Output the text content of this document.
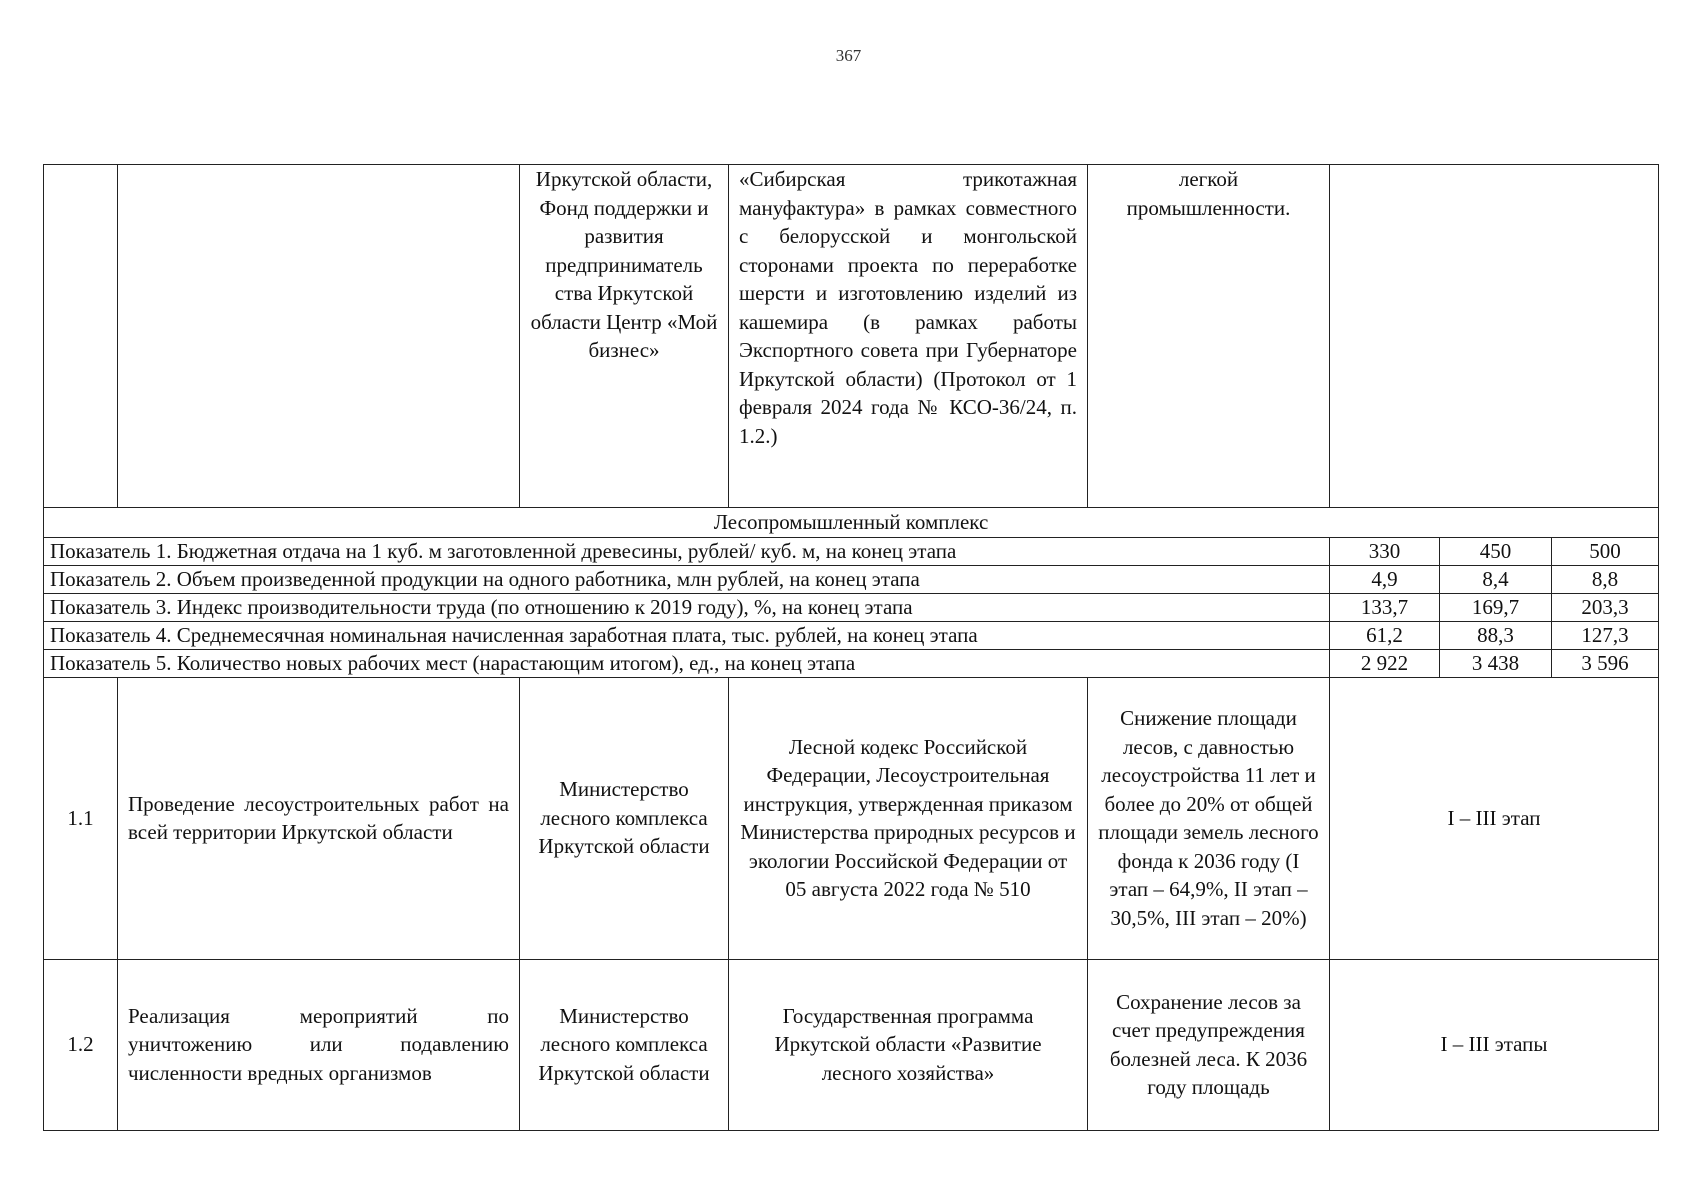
367
		Иркутской области, Фонд поддержки и развития предприниматель ства Иркутской области Центр «Мой бизнес»	«Сибирская трикотажная мануфактура» в рамках совместного с белорусской и монгольской сторонами проекта по переработке шерсти и изготовлению изделий из кашемира (в рамках работы Экспортного совета при Губернаторе Иркутской области) (Протокол от 1 февраля 2024 года № КСО-36/24, п. 1.2.)	легкой промышленности.			
Лесопромышленный комплекс							
Показатель 1. Бюджетная отдача на 1 куб. м заготовленной древесины, рублей/ куб. м, на конец этапа					330	450	500
Показатель 2. Объем произведенной продукции на одного работника, млн рублей, на конец этапа					4,9	8,4	8,8
Показатель 3. Индекс производительности труда (по отношению к 2019 году), %, на конец этапа					133,7	169,7	203,3
Показатель 4. Среднемесячная номинальная начисленная заработная плата, тыс. рублей, на конец этапа					61,2	88,3	127,3
Показатель 5. Количество новых рабочих мест (нарастающим итогом), ед., на конец этапа					2 922	3 438	3 596
1.1	Проведение лесоустроительных работ на всей территории Иркутской области	Министерство лесного комплекса Иркутской области	Лесной кодекс Российской Федерации, Лесоустроительная инструкция, утвержденная приказом Министерства природных ресурсов и экологии Российской Федерации от 05 августа 2022 года № 510	Снижение площади лесов, с давностью лесоустройства 11 лет и более до 20% от общей площади земель лесного фонда к 2036 году (I этап – 64,9%, II этап – 30,5%, III этап – 20%)	I – III этап		
1.2	Реализация мероприятий по уничтожению или подавлению численности вредных организмов	Министерство лесного комплекса Иркутской области	Государственная программа Иркутской области «Развитие лесного хозяйства»	Сохранение лесов за счет предупреждения болезней леса. К 2036 году площадь	I – III этапы		
